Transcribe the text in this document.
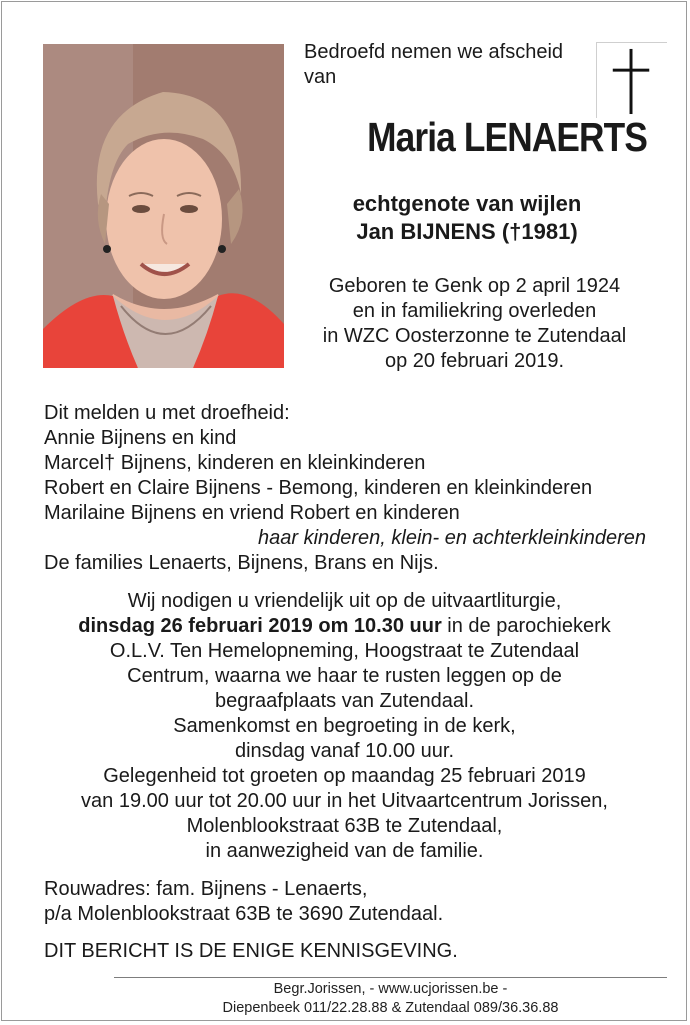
Bedroefd nemen we afscheid
van
Maria LENAERTS
echtgenote van wijlen
Jan BIJNENS (†1981)
Geboren te Genk op 2 april 1924
en in familiekring overleden
in WZC Oosterzonne te Zutendaal
op 20 februari 2019.
Dit melden u met droefheid:
Annie Bijnens en kind
Marcel† Bijnens, kinderen en kleinkinderen
Robert en Claire Bijnens - Bemong, kinderen en kleinkinderen
Marilaine Bijnens en vriend Robert en kinderen
haar kinderen, klein- en achterkleinkinderen
De families Lenaerts, Bijnens, Brans en Nijs.
Wij nodigen u vriendelijk uit op de uitvaartliturgie,
dinsdag 26 februari 2019 om 10.30 uur in de parochiekerk
O.L.V. Ten Hemelopneming, Hoogstraat te Zutendaal
Centrum, waarna we haar te rusten leggen op de
begraafplaats van Zutendaal.
Samenkomst en begroeting in de kerk,
dinsdag vanaf 10.00 uur.
Gelegenheid tot groeten op maandag 25 februari 2019
van 19.00 uur tot 20.00 uur in het Uitvaartcentrum Jorissen,
Molenblookstraat 63B te Zutendaal,
in aanwezigheid van de familie.
Rouwadres: fam. Bijnens - Lenaerts,
p/a Molenblookstraat 63B te 3690 Zutendaal.
DIT BERICHT IS DE ENIGE KENNISGEVING.
Begr.Jorissen, - www.ucjorissen.be -
Diepenbeek 011/22.28.88 & Zutendaal 089/36.36.88
